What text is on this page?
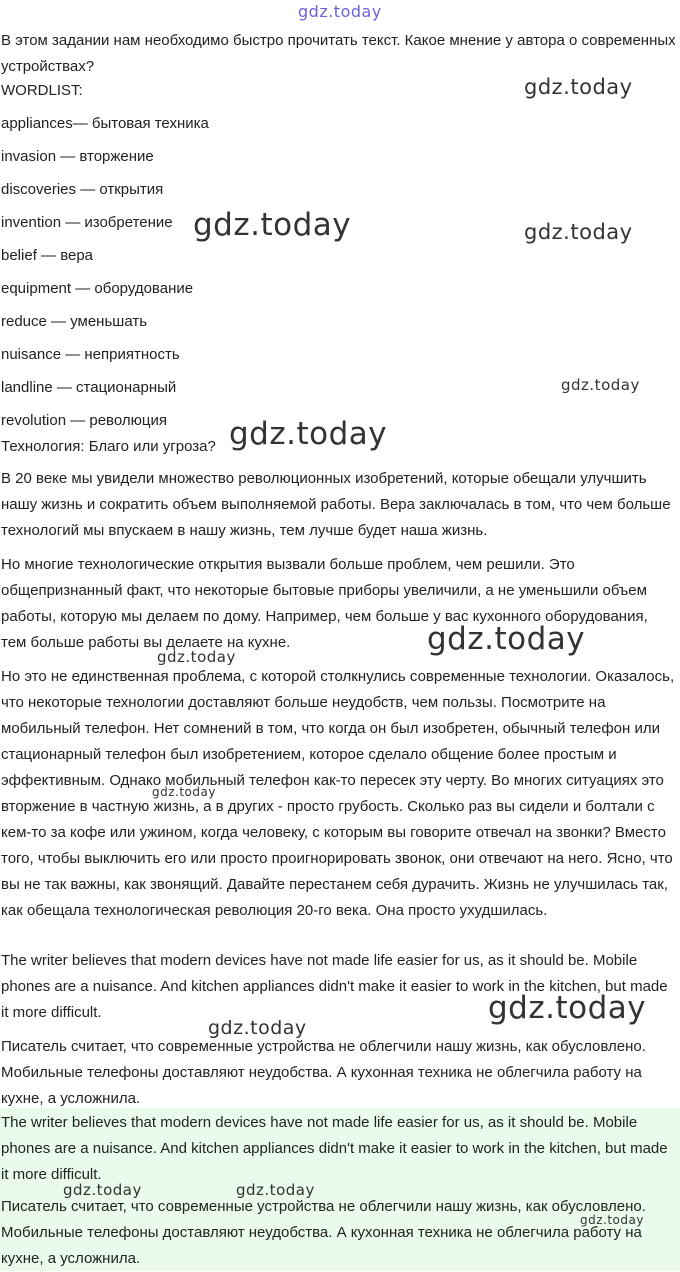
В этом задании нам необходимо быстро прочитать текст. Какое мнение у автора о современных устройствах?

WORDLIST:

appliances— бытовая техника

invasion — вторжение

discoveries — открытия

invention — изобретение

belief — вера

equipment — оборудование

reduce — уменьшать

nuisance — неприятность

landline — стационарный

revolution — революция

Технология: Благо или угроза?

В 20 веке мы увидели множество революционных изобретений, которые обещали улучшить нашу жизнь и сократить объем выполняемой работы. Вера заключалась в том, что чем больше технологий мы впускаем в нашу жизнь, тем лучше будет наша жизнь.

Но многие технологические открытия вызвали больше проблем, чем решили. Это общепризнанный факт, что некоторые бытовые приборы увеличили, а не уменьшили объем работы, которую мы делаем по дому. Например, чем больше у вас кухонного оборудования, тем больше работы вы делаете на кухне.

Но это не единственная проблема, с которой столкнулись современные технологии. Оказалось, что некоторые технологии доставляют больше неудобств, чем пользы. Посмотрите на мобильный телефон. Нет сомнений в том, что когда он был изобретен, обычный телефон или стационарный телефон был изобретением, которое сделало общение более простым и эффективным. Однако мобильный телефон как-то пересек эту черту. Во многих ситуациях это вторжение в частную жизнь, а в других - просто грубость. Сколько раз вы сидели и болтали с кем-то за кофе или ужином, когда человеку, с которым вы говорите отвечал на звонки? Вместо того, чтобы выключить его или просто проигнорировать звонок, они отвечают на него. Ясно, что вы не так важны, как звонящий. Давайте перестанем себя дурачить. Жизнь не улучшилась так, как обещала технологическая революция 20-го века. Она просто ухудшилась.

The writer believes that modern devices have not made life easier for us, as it should be. Mobile phones are a nuisance. And kitchen appliances didn't make it easier to work in the kitchen, but made it more difficult.

Писатель считает, что современные устройства не облегчили нашу жизнь, как обусловлено. Мобильные телефоны доставляют неудобства. А кухонная техника не облегчила работу на кухне, а усложнила.

The writer believes that modern devices have not made life easier for us, as it should be. Mobile phones are a nuisance. And kitchen appliances didn't make it easier to work in the kitchen, but made it more difficult.

Писатель считает, что современные устройства не облегчили нашу жизнь, как обусловлено. Мобильные телефоны доставляют неудобства. А кухонная техника не облегчила работу на кухне, а усложнила.

gdz.today
gdz.today
gdz.today	gdz.today
gdz.today
gdz.today
gdz.today
gdz.today
gdz.today
gdz.today
gdz.today
gdz.today	gdz.today
gdz.today
